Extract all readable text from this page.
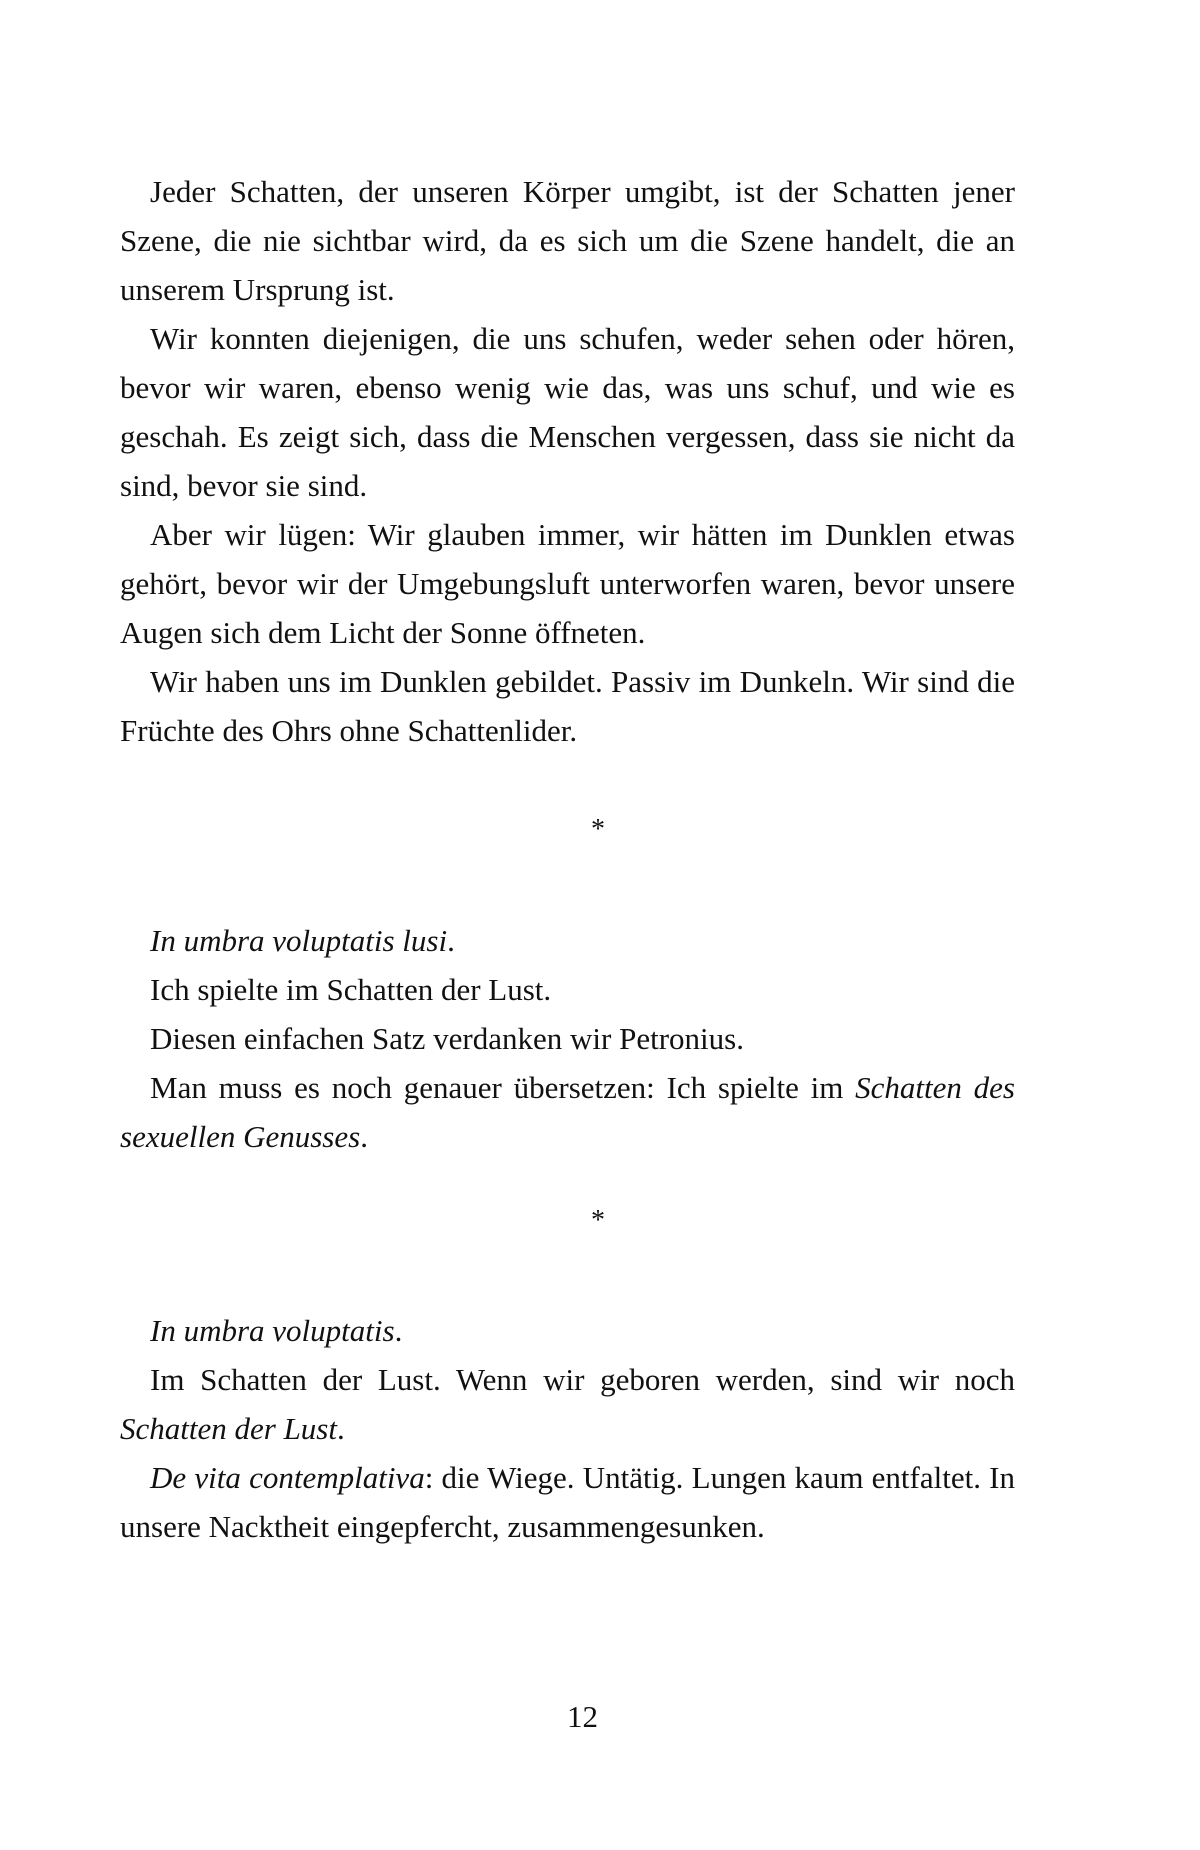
Jeder Schatten, der unseren Körper umgibt, ist der Schatten jener Szene, die nie sichtbar wird, da es sich um die Szene handelt, die an unserem Ursprung ist.

Wir konnten diejenigen, die uns schufen, weder sehen oder hören, bevor wir waren, ebenso wenig wie das, was uns schuf, und wie es geschah. Es zeigt sich, dass die Menschen vergessen, dass sie nicht da sind, bevor sie sind.

Aber wir lügen: Wir glauben immer, wir hätten im Dunklen etwas gehört, bevor wir der Umgebungsluft unterworfen waren, bevor unsere Augen sich dem Licht der Sonne öffneten.

Wir haben uns im Dunklen gebildet. Passiv im Dunkeln. Wir sind die Früchte des Ohrs ohne Schattenlider.

*

In umbra voluptatis lusi.

Ich spielte im Schatten der Lust.

Diesen einfachen Satz verdanken wir Petronius.

Man muss es noch genauer übersetzen: Ich spielte im Schatten des sexuellen Genusses.

*

In umbra voluptatis.

Im Schatten der Lust. Wenn wir geboren werden, sind wir noch Schatten der Lust.

De vita contemplativa: die Wiege. Untätig. Lungen kaum entfaltet. In unsere Nacktheit eingepfercht, zusammengesunken.

12
